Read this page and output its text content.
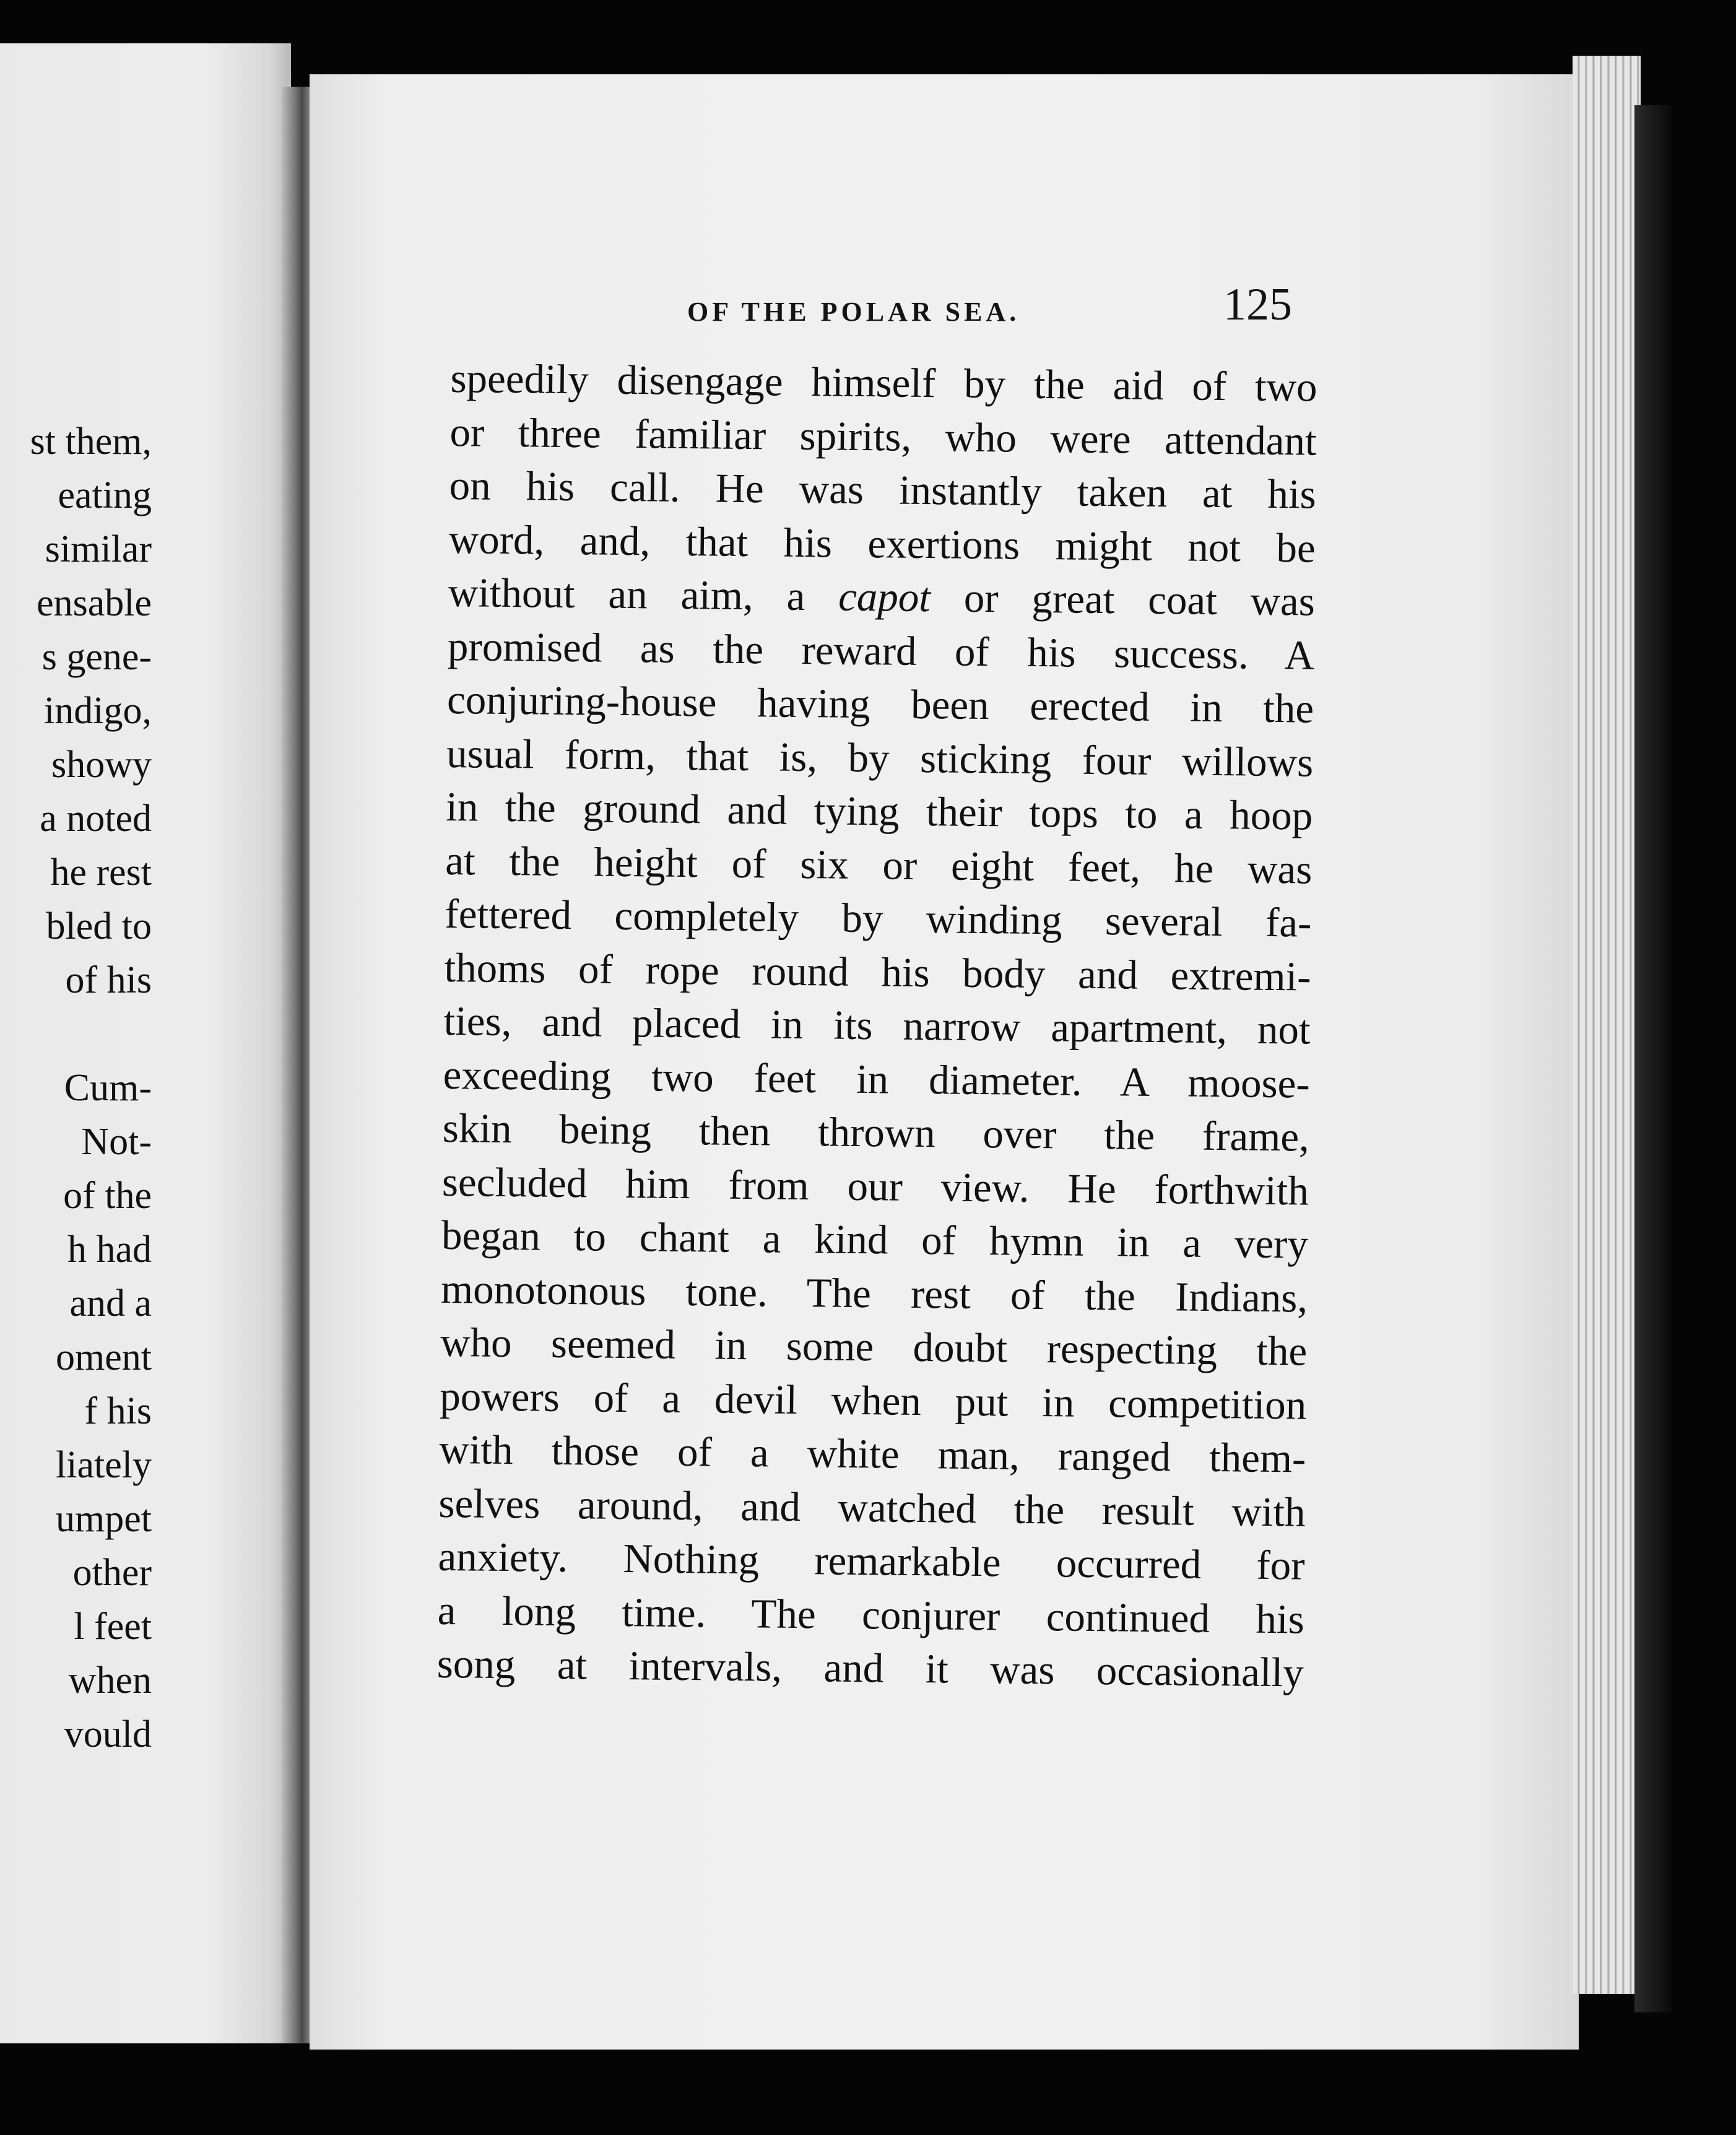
st them,
eating
similar
ensable
s gene-
indigo,
showy
a noted
he rest
bled to
of his
Cum-
Not-
of the
h had
and a
oment
f his
liately
umpet
other
l feet
when
vould
OF THE POLAR SEA.	125
speedily disengage himself by the aid of two
or three familiar spirits, who were attendant
on his call. He was instantly taken at his
word, and, that his exertions might not be
without an aim, a capot or great coat was
promised as the reward of his success. A
conjuring-house having been erected in the
usual form, that is, by sticking four willows
in the ground and tying their tops to a hoop
at the height of six or eight feet, he was
fettered completely by winding several fa-
thoms of rope round his body and extremi-
ties, and placed in its narrow apartment, not
exceeding two feet in diameter. A moose-
skin being then thrown over the frame,
secluded him from our view. He forthwith
began to chant a kind of hymn in a very
monotonous tone. The rest of the Indians,
who seemed in some doubt respecting the
powers of a devil when put in competition
with those of a white man, ranged them-
selves around, and watched the result with
anxiety. Nothing remarkable occurred for
a long time. The conjurer continued his
song at intervals, and it was occasionally
